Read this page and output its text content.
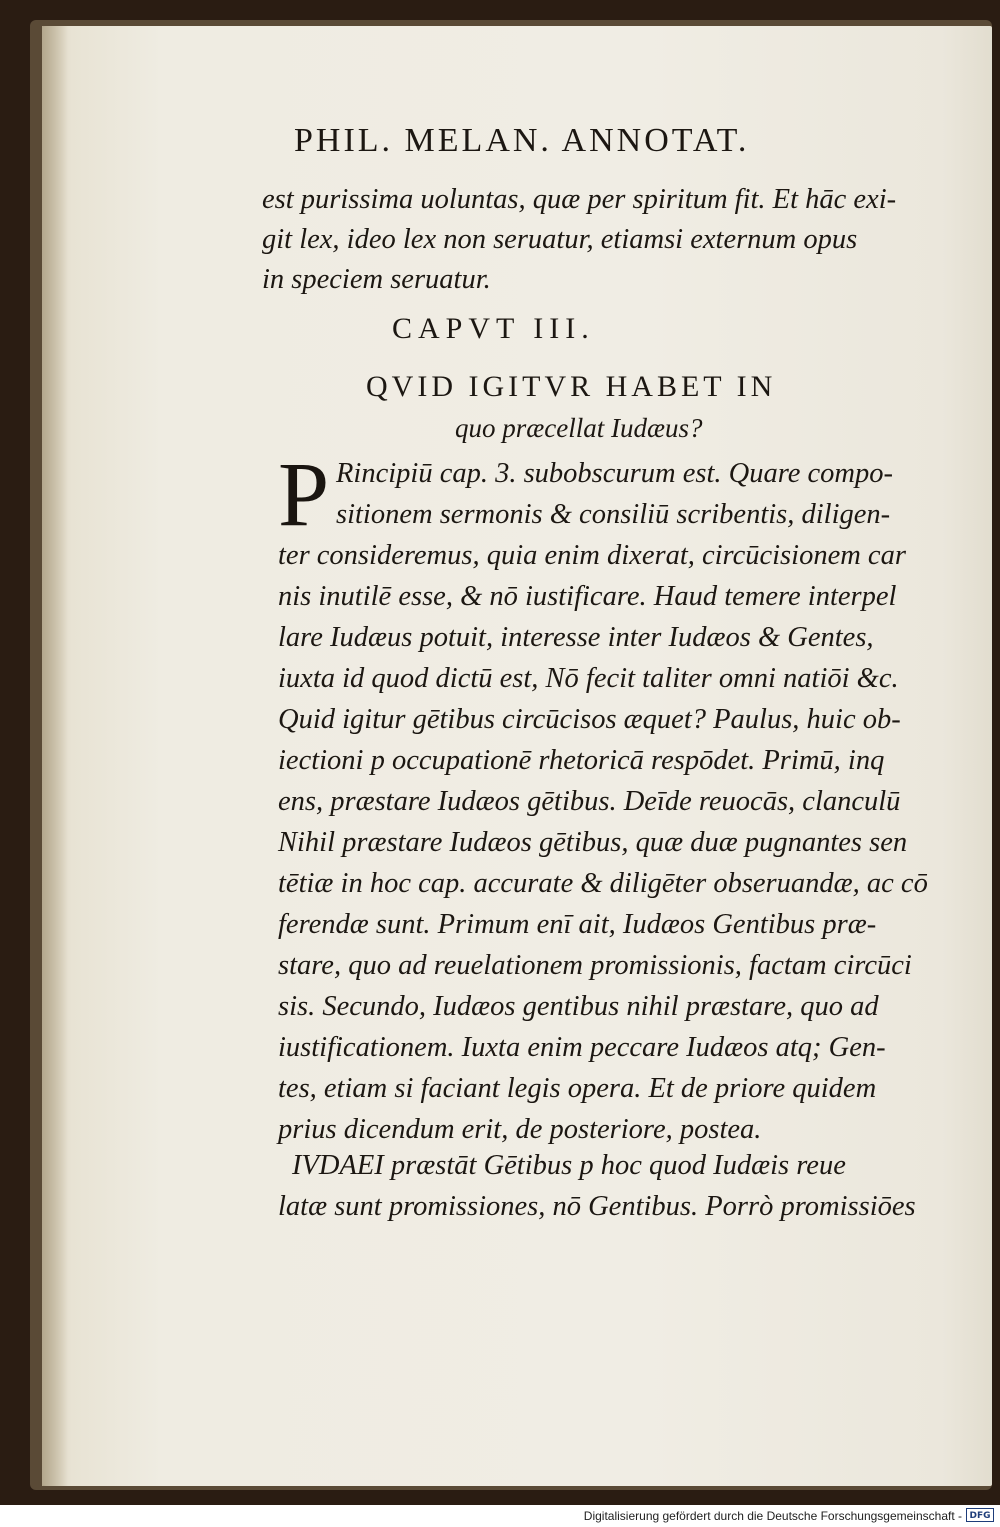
PHIL. MELAN. ANNOTAT.
est purissima uoluntas, quæ per spiritum fit. Et hāc exi-
git lex, ideo lex non seruatur, etiamsi externum opus
in speciem seruatur.
CAPVT III.
QVID IGITVR HABET IN
quo præcellat Iudæus?
P Rincipiū cap. 3. subobscurum est. Quare compo-
sitionem sermonis & consiliū scribentis, diligen-
ter consideremus, quia enim dixerat, circūcisionem car
nis inutilē esse, & nō iustificare. Haud temere interpel
lare Iudæus potuit, interesse inter Iudæos & Gentes,
iuxta id quod dictū est, Nō fecit taliter omni natiōi &c.
Quid igitur gētibus circūcisos æquet? Paulus, huic ob-
iectioni p occupationē rhetoricā respōdet. Primū, inq
ens, præstare Iudæos gētibus. Deīde reuocās, clanculū
Nihil præstare Iudæos gētibus, quæ duæ pugnantes sen
tētiæ in hoc cap. accurate & diligēter obseruandæ, ac cō
ferendæ sunt. Primum enī ait, Iudæos Gentibus præ-
stare, quo ad reuelationem promissionis, factam circūci
sis. Secundo, Iudæos gentibus nihil præstare, quo ad
iustificationem. Iuxta enim peccare Iudæos atq; Gen-
tes, etiam si faciant legis opera. Et de priore quidem
prius dicendum erit, de posteriore, postea.
IVDAEI præstāt Gētibus p hoc quod Iudæis reue
latæ sunt promissiones, nō Gentibus. Porrò promissiōes
Digitalisierung gefördert durch die Deutsche Forschungsgemeinschaft - DFG
